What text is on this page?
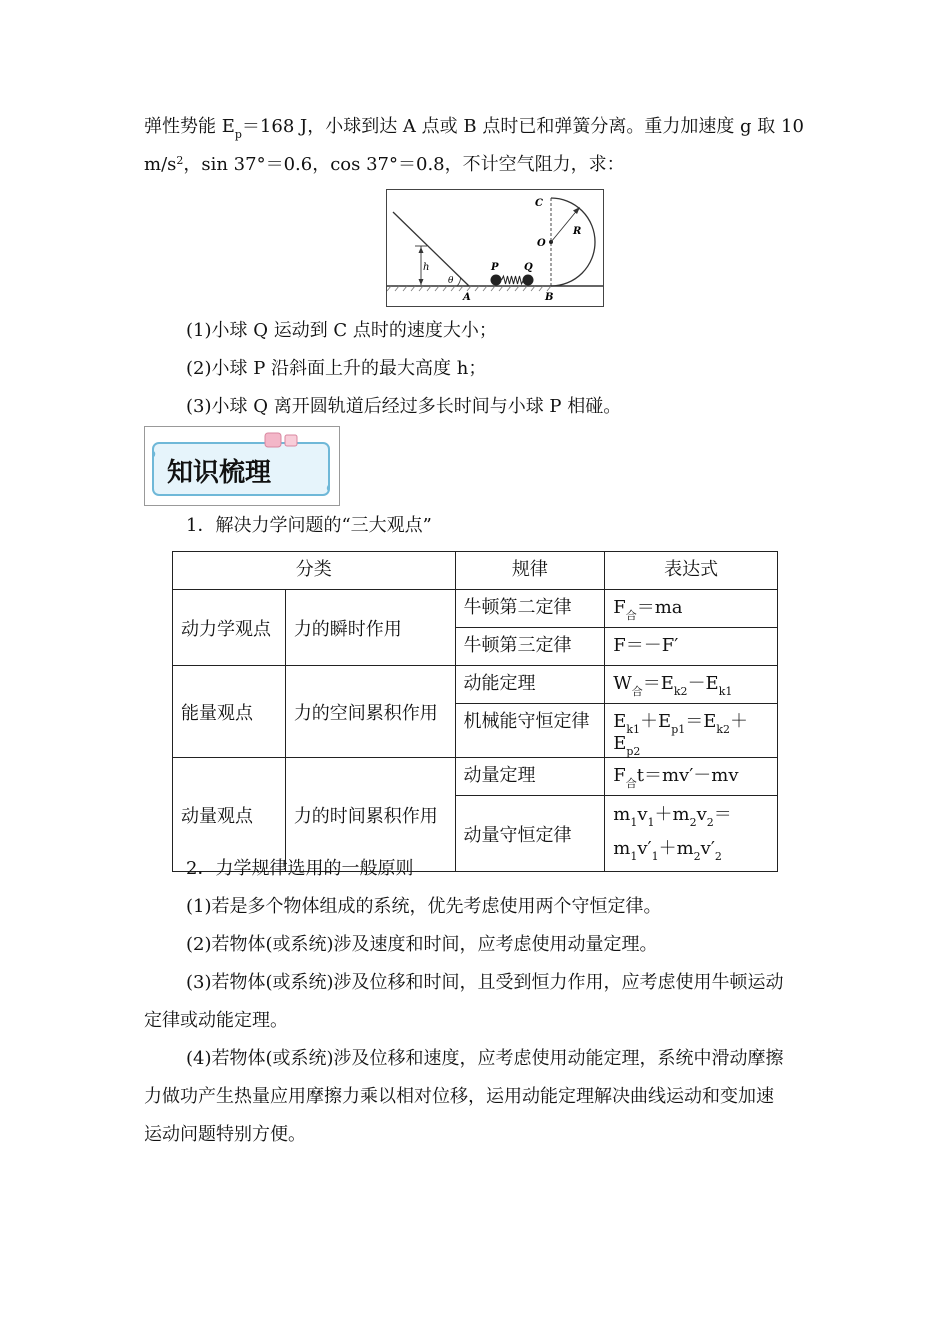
弹性势能 $E_p=168$ J，小球到达 A 点或 B 点时已和弹簧分离。重力加速度 g 取 10
$m/s^2$，sin 37°＝0.6，cos 37°＝0.8，不计空气阻力，求：
h
θ
A
P	Q
C
O
R
B
(1)小球 Q 运动到 C 点时的速度大小；
(2)小球 P 沿斜面上升的最大高度 h；
(3)小球 Q 离开圆轨道后经过多长时间与小球 P 相碰。
知识梳理
1．解决力学问题的“三大观点”
分类		规律	表达式
动力学观点	力的瞬时作用	牛顿第二定律	$F_合=ma$
		牛顿第三定律	F＝－F′
能量观点	力的空间累积作用	动能定理	$W_合=E_{k2}-E_{k1}$
		机械能守恒定律	$E_{k1}+E_{p1}=E_{k2}+E_{p2}$
动量观点	力的时间累积作用	动量定理	$F_合t=mv'-mv$
		动量守恒定律	$m_1v_1+m_2v_2=$
$m_1v'_1+m_2v'_2$
2．力学规律选用的一般原则
(1)若是多个物体组成的系统，优先考虑使用两个守恒定律。
(2)若物体(或系统)涉及速度和时间，应考虑使用动量定理。
(3)若物体(或系统)涉及位移和时间，且受到恒力作用，应考虑使用牛顿运动
定律或动能定理。
(4)若物体(或系统)涉及位移和速度，应考虑使用动能定理，系统中滑动摩擦
力做功产生热量应用摩擦力乘以相对位移，运用动能定理解决曲线运动和变加速
运动问题特别方便。
